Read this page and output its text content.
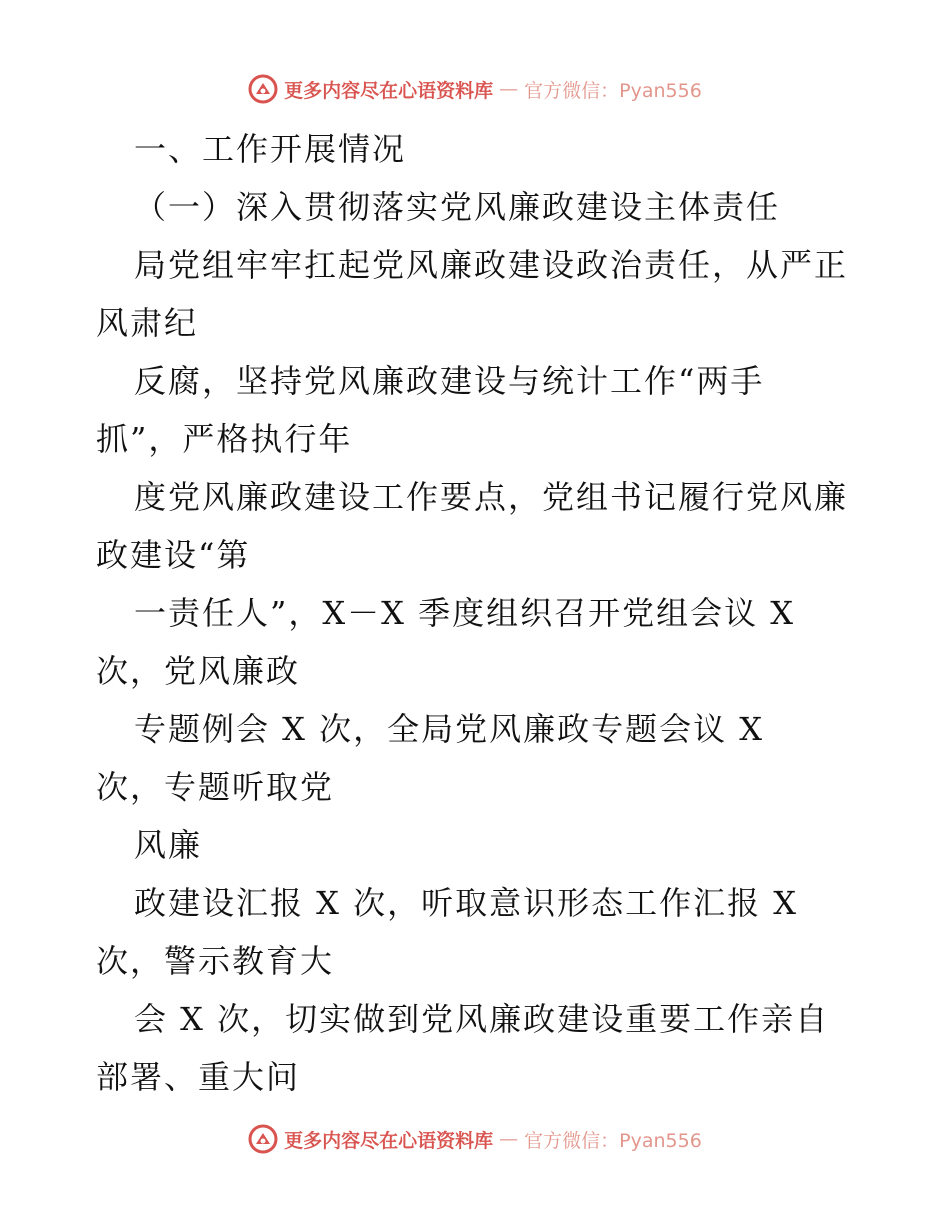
更多内容尽在心语资料库 — 官方微信：Pyan556
一、工作开展情况
（一）深入贯彻落实党风廉政建设主体责任
局党组牢牢扛起党风廉政建设政治责任，从严正
风肃纪
反腐，坚持党风廉政建设与统计工作“两手
抓”，严格执行年
度党风廉政建设工作要点，党组书记履行党风廉
政建设“第
一责任人”，X－X 季度组织召开党组会议 X
次，党风廉政
专题例会 X 次，全局党风廉政专题会议 X
次，专题听取党
风廉
政建设汇报 X 次，听取意识形态工作汇报 X
次，警示教育大
会 X 次，切实做到党风廉政建设重要工作亲自
部署、重大问
更多内容尽在心语资料库 — 官方微信：Pyan556
